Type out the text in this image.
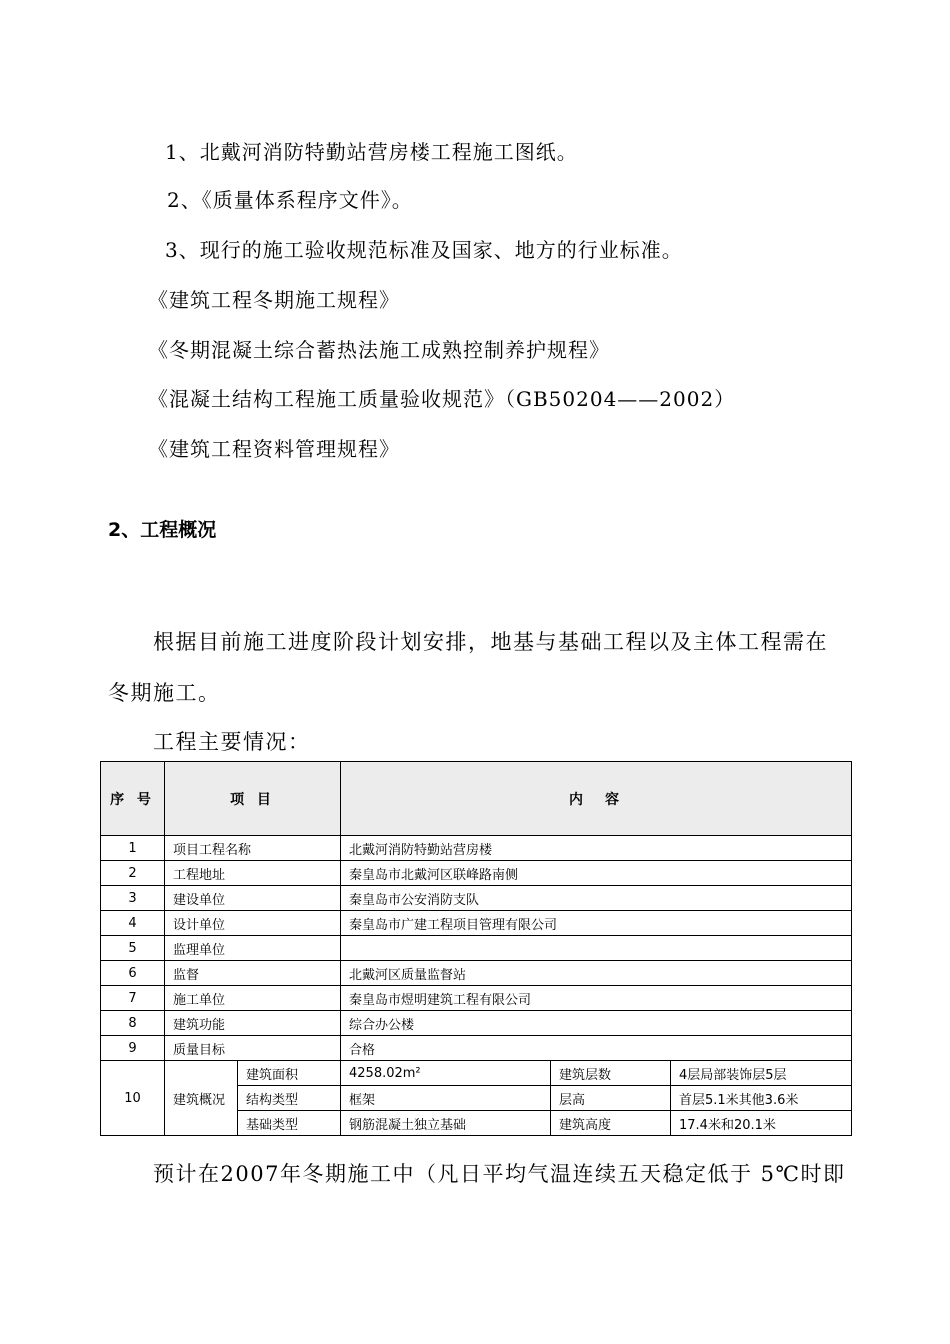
1、北戴河消防特勤站营房楼工程施工图纸。
2、《质量体系程序文件》。
3、现行的施工验收规范标准及国家、地方的行业标准。
《建筑工程冬期施工规程》
《冬期混凝土综合蓄热法施工成熟控制养护规程》
《混凝土结构工程施工质量验收规范》（GB50204——2002）
《建筑工程资料管理规程》
2、工程概况
根据目前施工进度阶段计划安排，地基与基础工程以及主体工程需在
冬期施工。
工程主要情况：
序 号	项 目		内　容		
1	项目工程名称		北戴河消防特勤站营房楼		
2	工程地址		秦皇岛市北戴河区联峰路南侧		
3	建设单位		秦皇岛市公安消防支队		
4	设计单位		秦皇岛市广建工程项目管理有限公司		
5	监理单位				
6	监督		北戴河区质量监督站		
7	施工单位		秦皇岛市煜明建筑工程有限公司		
8	建筑功能		综合办公楼		
9	质量目标		合格		
10	建筑概况	建筑面积	4258.02m²	建筑层数	4层局部装饰层5层
		结构类型	框架	层高	首层5.1米其他3.6米
		基础类型	钢筋混凝土独立基础	建筑高度	17.4米和20.1米
预计在2007年冬期施工中（凡日平均气温连续五天稳定低于 5℃时即
